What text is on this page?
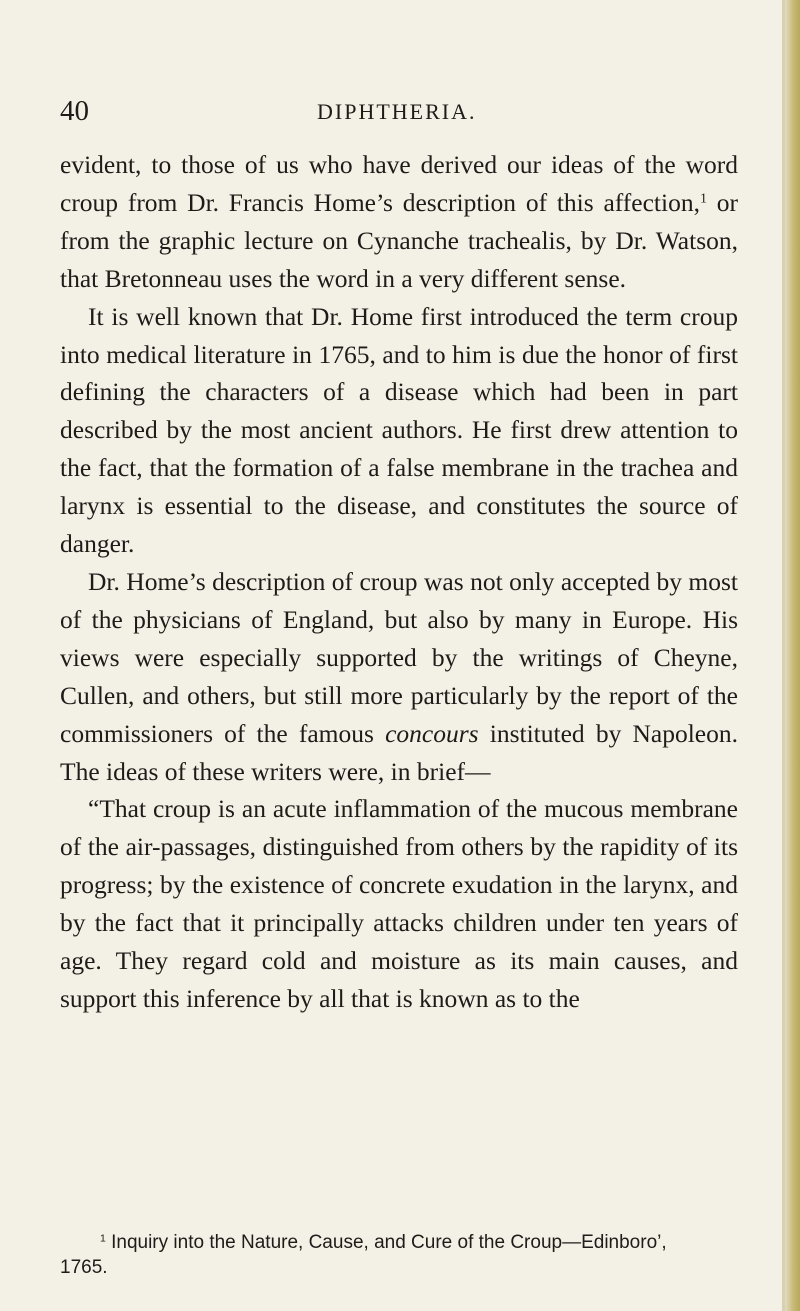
40	DIPHTHERIA.

evident, to those of us who have derived our ideas of the word croup from Dr. Francis Home’s description of this affection,$^1$ or from the graphic lecture on Cynanche trachealis, by Dr. Watson, that Bretonneau uses the word in a very different sense.

It is well known that Dr. Home first introduced the term croup into medical literature in 1765, and to him is due the honor of first defining the characters of a disease which had been in part described by the most ancient authors. He first drew attention to the fact, that the formation of a false membrane in the trachea and larynx is essential to the disease, and constitutes the source of danger.

Dr. Home’s description of croup was not only accepted by most of the physicians of England, but also by many in Europe. His views were especially supported by the writings of Cheyne, Cullen, and others, but still more particularly by the report of the commissioners of the famous concours instituted by Napoleon. The ideas of these writers were, in brief—

“That croup is an acute inflammation of the mucous membrane of the air-passages, distinguished from others by the rapidity of its progress; by the existence of concrete exudation in the larynx, and by the fact that it principally attacks children under ten years of age. They regard cold and moisture as its main causes, and support this inference by all that is known as to the

$^1$ Inquiry into the Nature, Cause, and Cure of the Croup—Edinboro’,

1765.
